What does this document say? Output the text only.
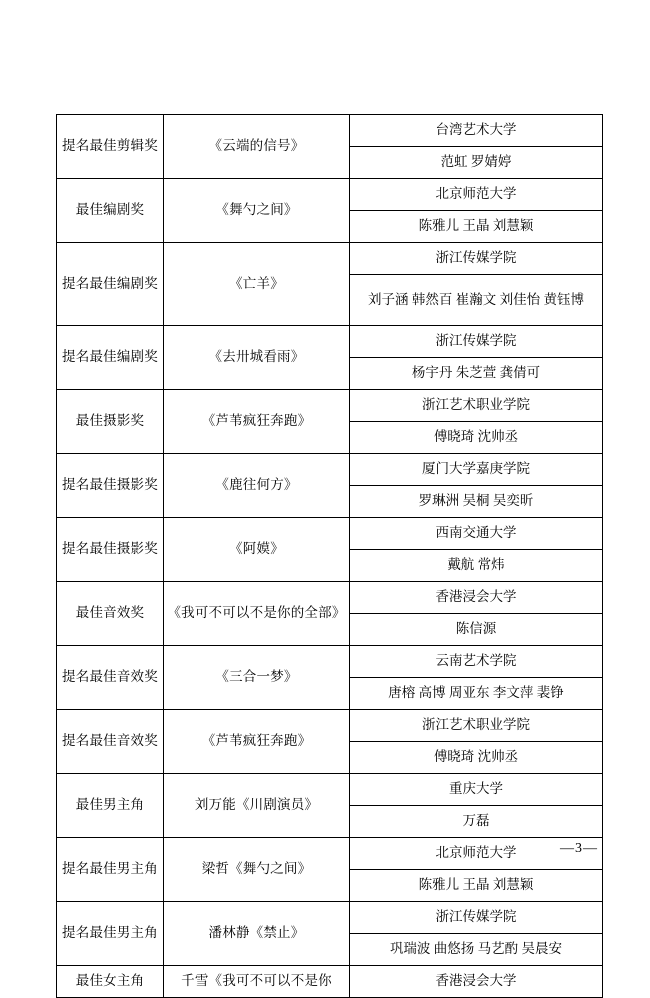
提名最佳剪辑奖	《云端的信号》	台湾艺术大学
		范虹 罗婧婷
最佳编剧奖	《舞勺之间》	北京师范大学
		陈雅儿 王晶 刘慧颖
提名最佳编剧奖	《亡羊》	浙江传媒学院
		刘子涵 韩然百 崔瀚文 刘佳怡 黄钰博
提名最佳编剧奖	《去卅城看雨》	浙江传媒学院
		杨宇丹 朱芝萱 龚倩可
最佳摄影奖	《芦苇疯狂奔跑》	浙江艺术职业学院
		傅晓琦 沈帅丞
提名最佳摄影奖	《鹿往何方》	厦门大学嘉庚学院
		罗琳洲 吴桐 吴奕昕
提名最佳摄影奖	《阿嫫》	西南交通大学
		戴航 常炜
最佳音效奖	《我可不可以不是你的全部》	香港浸会大学
		陈信源
提名最佳音效奖	《三合一梦》	云南艺术学院
		唐榕 高博 周亚东 李文萍 裴铮
提名最佳音效奖	《芦苇疯狂奔跑》	浙江艺术职业学院
		傅晓琦 沈帅丞
最佳男主角	刘万能《川剧演员》	重庆大学
		万磊
提名最佳男主角	梁哲《舞勺之间》	北京师范大学
		陈雅儿 王晶 刘慧颖
提名最佳男主角	潘林静《禁止》	浙江传媒学院
		巩瑞波 曲悠扬 马艺酌 吴晨安
最佳女主角	千雪《我可不可以不是你	香港浸会大学
—3—
